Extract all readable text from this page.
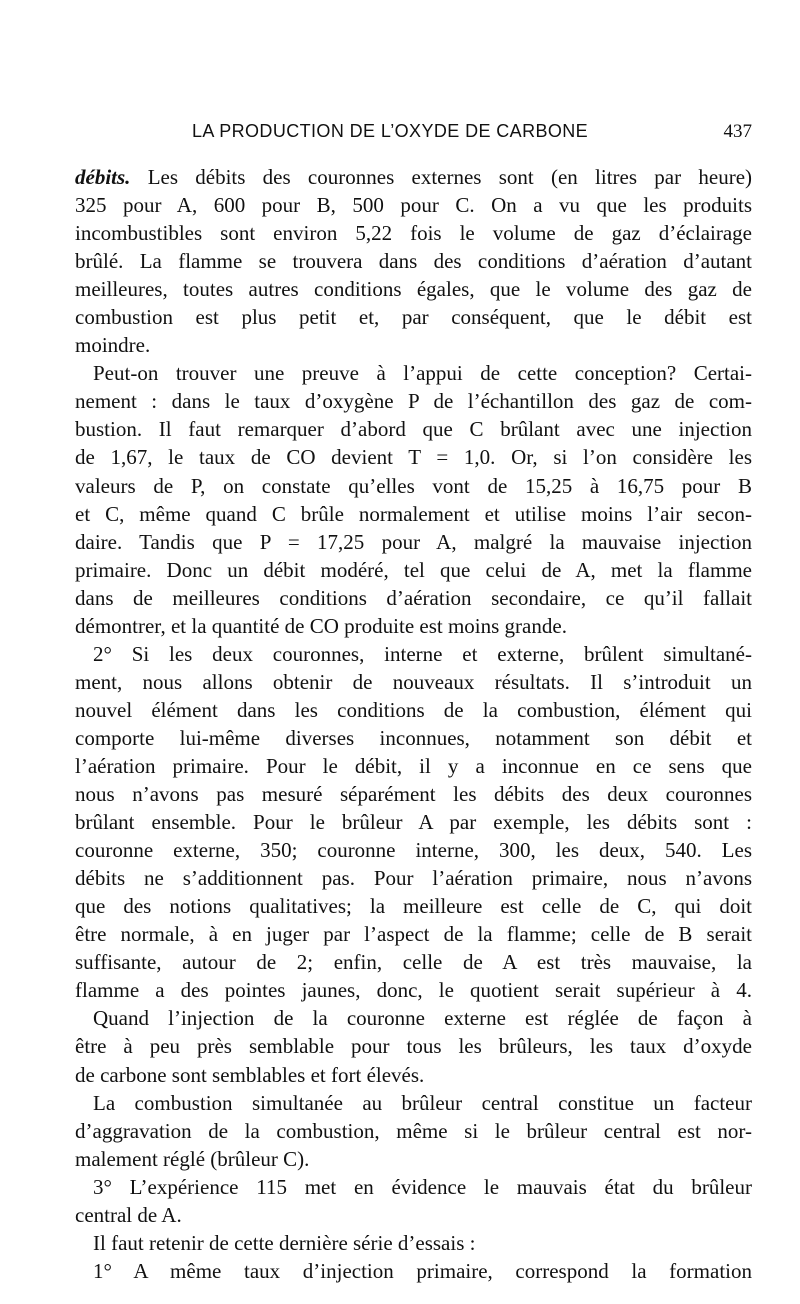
LA PRODUCTION DE L’OXYDE DE CARBONE	437
débits. Les débits des couronnes externes sont (en litres par heure)
325 pour A, 600 pour B, 500 pour C. On a vu que les produits
incombustibles sont environ 5,22 fois le volume de gaz d’éclairage
brûlé. La flamme se trouvera dans des conditions d’aération d’autant
meilleures, toutes autres conditions égales, que le volume des gaz de
combustion est plus petit et, par conséquent, que le débit est
moindre.
Peut-on trouver une preuve à l’appui de cette conception? Certai-
nement : dans le taux d’oxygène P de l’échantillon des gaz de com-
bustion. Il faut remarquer d’abord que C brûlant avec une injection
de 1,67, le taux de CO devient T = 1,0. Or, si l’on considère les
valeurs de P, on constate qu’elles vont de 15,25 à 16,75 pour B
et C, même quand C brûle normalement et utilise moins l’air secon-
daire. Tandis que P = 17,25 pour A, malgré la mauvaise injection
primaire. Donc un débit modéré, tel que celui de A, met la flamme
dans de meilleures conditions d’aération secondaire, ce qu’il fallait
démontrer, et la quantité de CO produite est moins grande.
2° Si les deux couronnes, interne et externe, brûlent simultané-
ment, nous allons obtenir de nouveaux résultats. Il s’introduit un
nouvel élément dans les conditions de la combustion, élément qui
comporte lui-même diverses inconnues, notamment son débit et
l’aération primaire. Pour le débit, il y a inconnue en ce sens que
nous n’avons pas mesuré séparément les débits des deux couronnes
brûlant ensemble. Pour le brûleur A par exemple, les débits sont :
couronne externe, 350; couronne interne, 300, les deux, 540. Les
débits ne s’additionnent pas. Pour l’aération primaire, nous n’avons
que des notions qualitatives; la meilleure est celle de C, qui doit
être normale, à en juger par l’aspect de la flamme; celle de B serait
suffisante, autour de 2; enfin, celle de A est très mauvaise, la
flamme a des pointes jaunes, donc, le quotient serait supérieur à 4.
Quand l’injection de la couronne externe est réglée de façon à
être à peu près semblable pour tous les brûleurs, les taux d’oxyde
de carbone sont semblables et fort élevés.
La combustion simultanée au brûleur central constitue un facteur
d’aggravation de la combustion, même si le brûleur central est nor-
malement réglé (brûleur C).
3° L’expérience 115 met en évidence le mauvais état du brûleur
central de A.
Il faut retenir de cette dernière série d’essais :
1° A même taux d’injection primaire, correspond la formation
